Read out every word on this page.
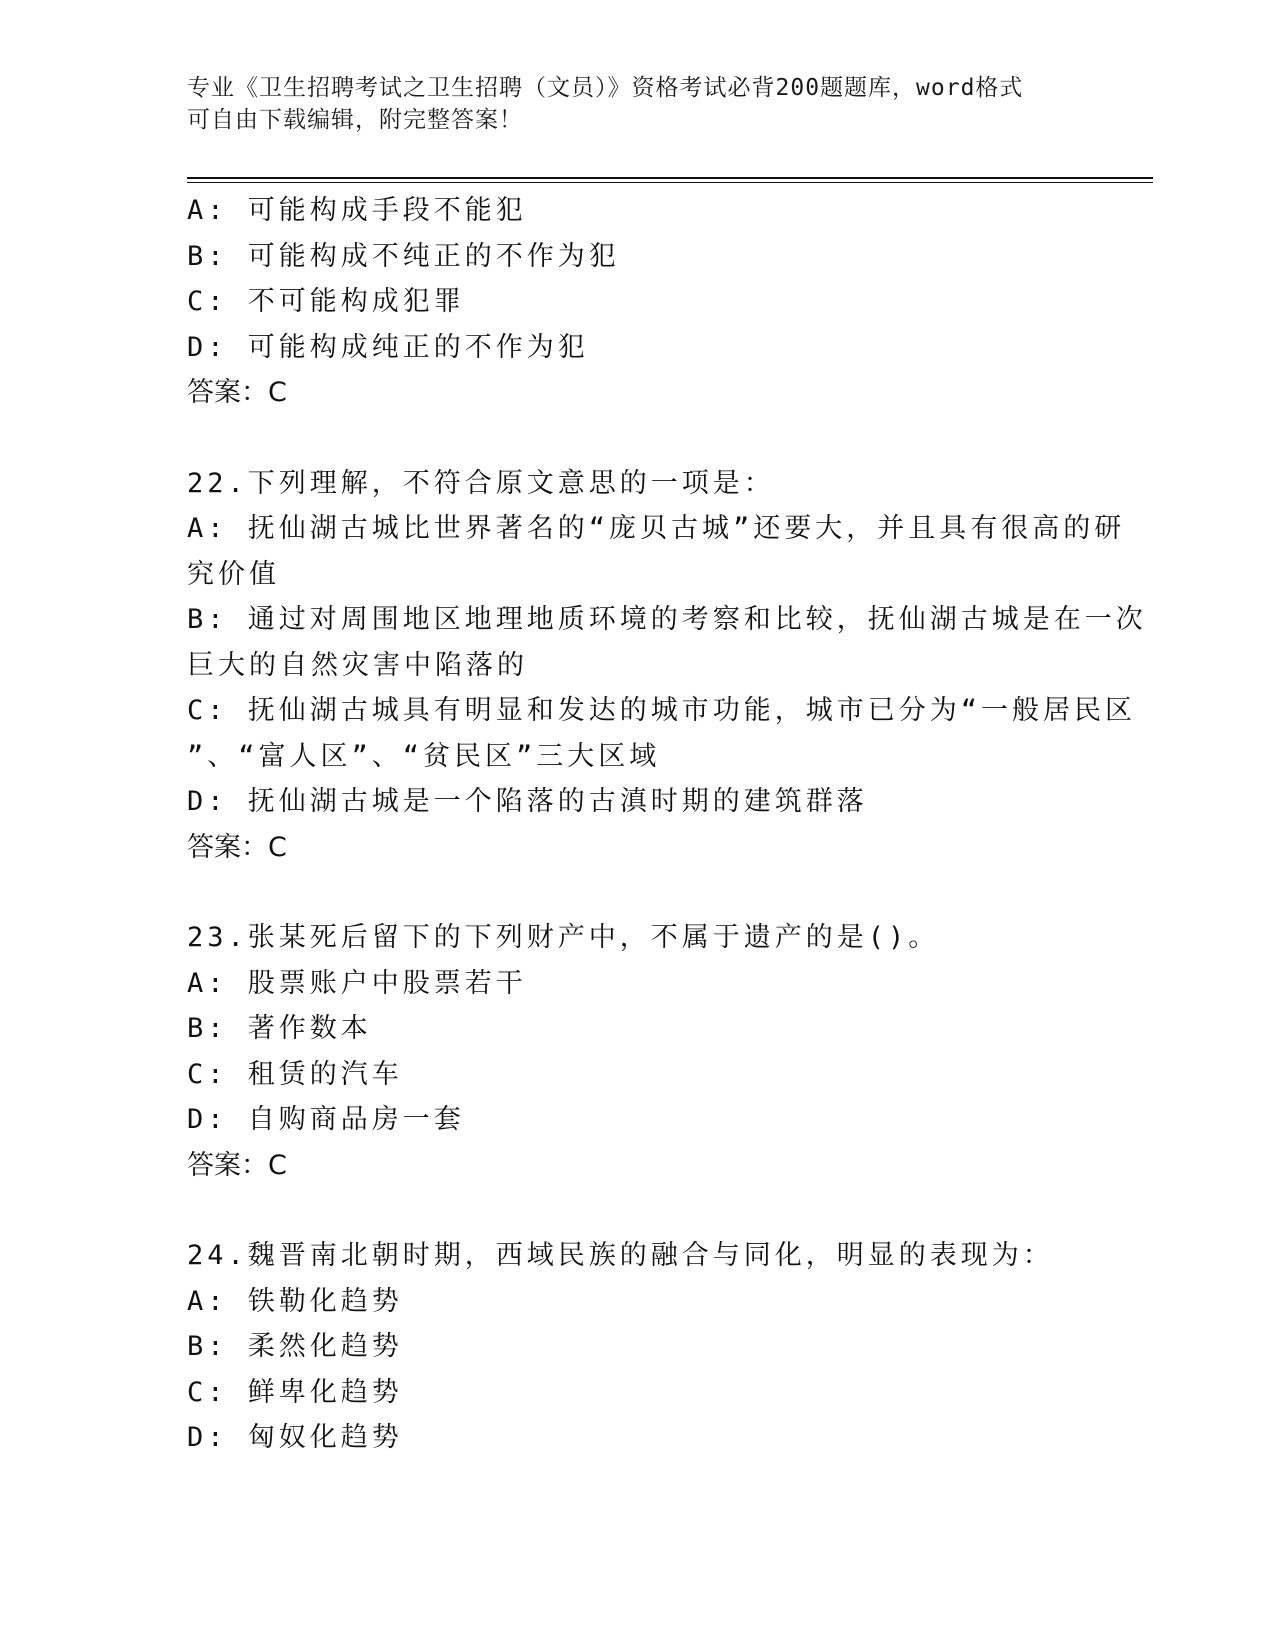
专业《卫生招聘考试之卫生招聘（文员）》资格考试必背200题题库，word格式
可自由下载编辑，附完整答案！
A: 可能构成手段不能犯
B: 可能构成不纯正的不作为犯
C: 不可能构成犯罪
D: 可能构成纯正的不作为犯
答案：C
22.下列理解，不符合原文意思的一项是：
A: 抚仙湖古城比世界著名的“庞贝古城”还要大，并且具有很高的研
究价值
B: 通过对周围地区地理地质环境的考察和比较，抚仙湖古城是在一次
巨大的自然灾害中陷落的
C: 抚仙湖古城具有明显和发达的城市功能，城市已分为“一般居民区
”、“富人区”、“贫民区”三大区域
D: 抚仙湖古城是一个陷落的古滇时期的建筑群落
答案：C
23.张某死后留下的下列财产中，不属于遗产的是()。
A: 股票账户中股票若干
B: 著作数本
C: 租赁的汽车
D: 自购商品房一套
答案：C
24.魏晋南北朝时期，西域民族的融合与同化，明显的表现为：
A: 铁勒化趋势
B: 柔然化趋势
C: 鲜卑化趋势
D: 匈奴化趋势
